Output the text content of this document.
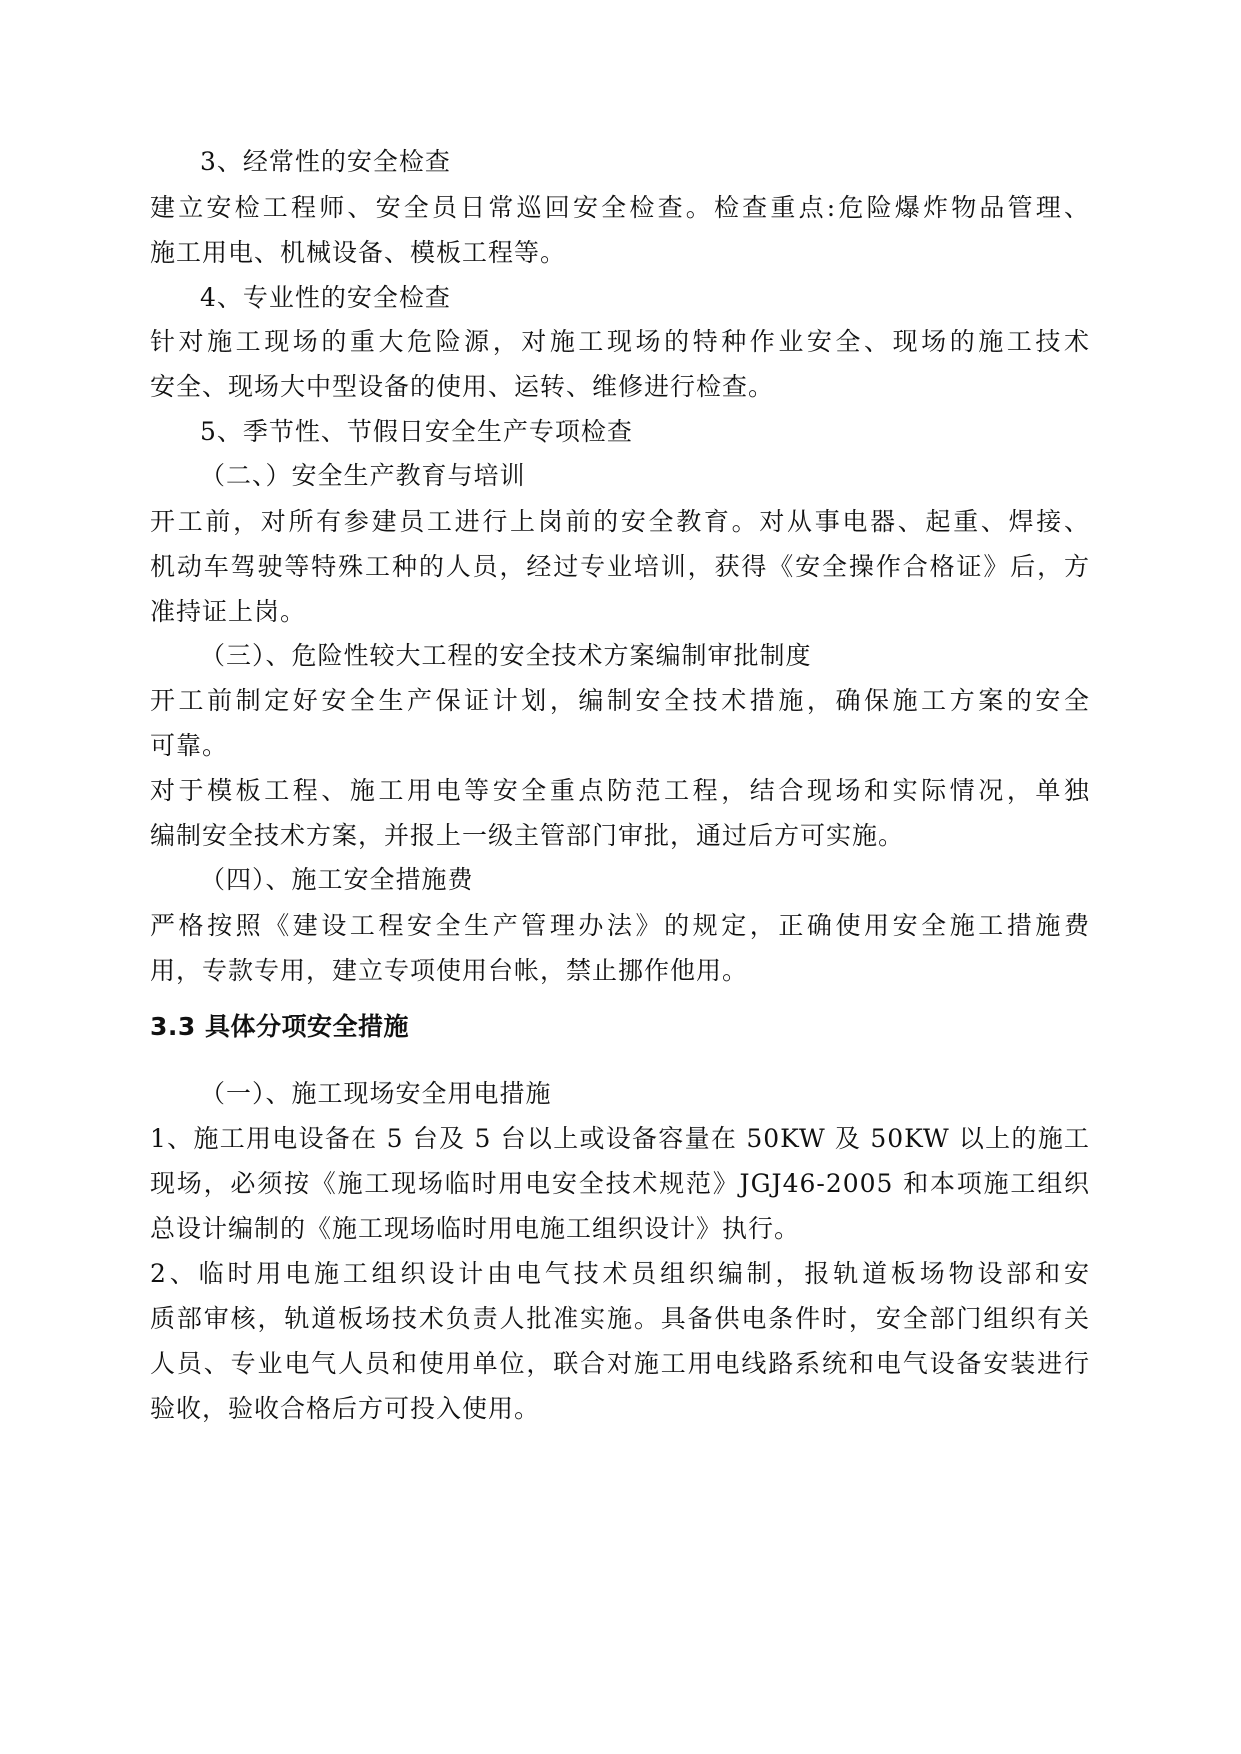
3、经常性的安全检查
建立安检工程师、安全员日常巡回安全检查。检查重点:危险爆炸物品管理、
施工用电、机械设备、模板工程等。
4、专业性的安全检查
针对施工现场的重大危险源，对施工现场的特种作业安全、现场的施工技术
安全、现场大中型设备的使用、运转、维修进行检查。
5、季节性、节假日安全生产专项检查
（二、）安全生产教育与培训
开工前，对所有参建员工进行上岗前的安全教育。对从事电器、起重、焊接、
机动车驾驶等特殊工种的人员，经过专业培训，获得《安全操作合格证》后，方
准持证上岗。
（三）、危险性较大工程的安全技术方案编制审批制度
开工前制定好安全生产保证计划，编制安全技术措施，确保施工方案的安全
可靠。
对于模板工程、施工用电等安全重点防范工程，结合现场和实际情况，单独
编制安全技术方案，并报上一级主管部门审批，通过后方可实施。
（四）、施工安全措施费
严格按照《建设工程安全生产管理办法》的规定，正确使用安全施工措施费
用，专款专用，建立专项使用台帐，禁止挪作他用。
3.3 具体分项安全措施
（一）、施工现场安全用电措施
1、施工用电设备在 5 台及 5 台以上或设备容量在 50KW 及 50KW 以上的施工
现场，必须按《施工现场临时用电安全技术规范》JGJ46-2005 和本项施工组织
总设计编制的《施工现场临时用电施工组织设计》执行。
2、临时用电施工组织设计由电气技术员组织编制，报轨道板场物设部和安
质部审核，轨道板场技术负责人批准实施。具备供电条件时，安全部门组织有关
人员、专业电气人员和使用单位，联合对施工用电线路系统和电气设备安装进行
验收，验收合格后方可投入使用。
